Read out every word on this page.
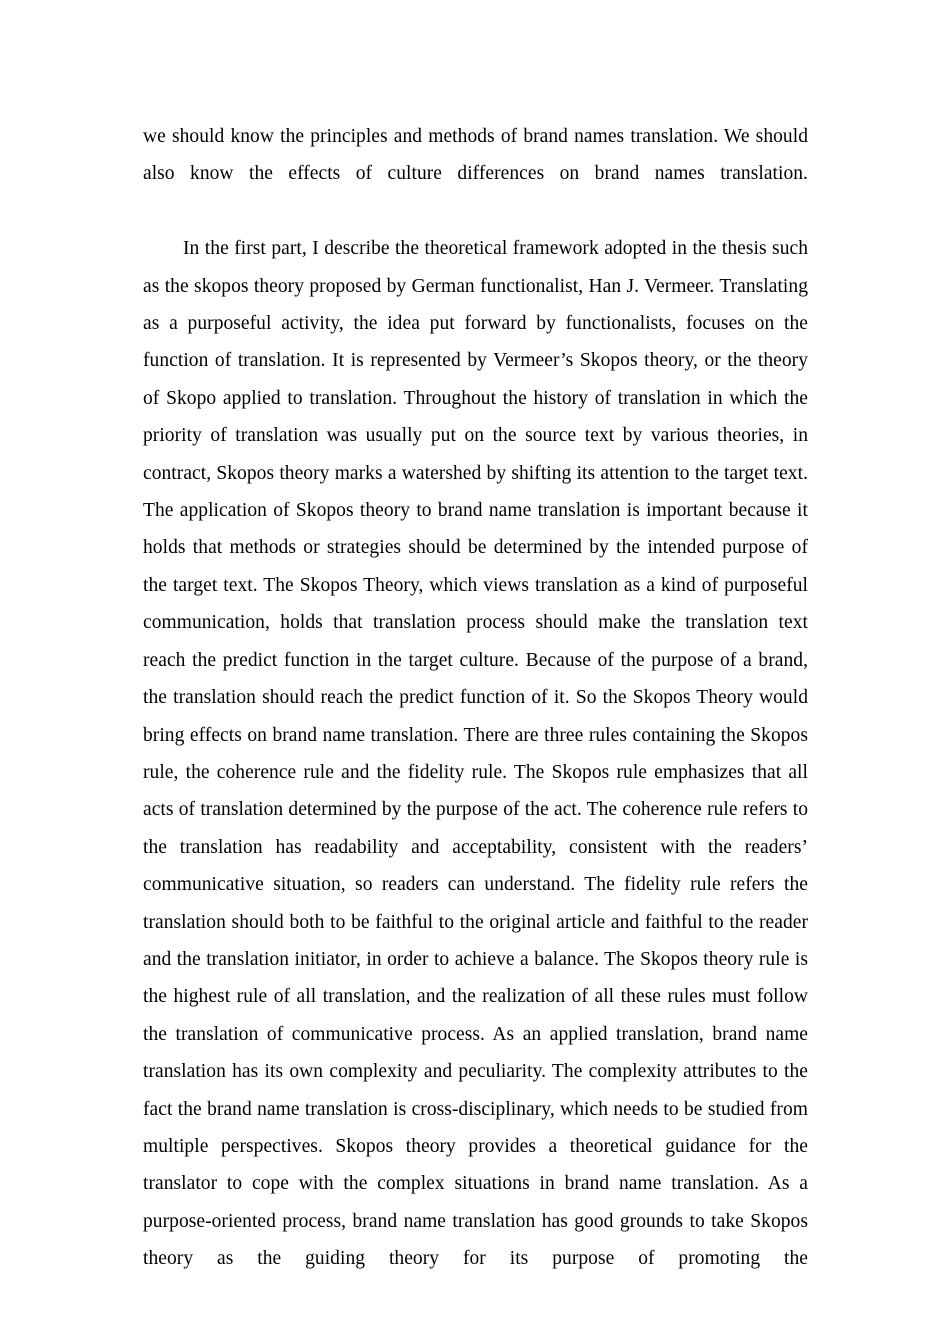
we should know the principles and methods of brand names translation. We should also know the effects of culture differences on brand names translation.

In the first part, I describe the theoretical framework adopted in the thesis such as the skopos theory proposed by German functionalist, Han J. Vermeer. Translating as a purposeful activity, the idea put forward by functionalists, focuses on the function of translation. It is represented by Vermeer’s Skopos theory, or the theory of Skopo applied to translation. Throughout the history of translation in which the priority of translation was usually put on the source text by various theories, in contract, Skopos theory marks a watershed by shifting its attention to the target text. The application of Skopos theory to brand name translation is important because it holds that methods or strategies should be determined by the intended purpose of the target text. The Skopos Theory, which views translation as a kind of purposeful communication, holds that translation process should make the translation text reach the predict function in the target culture. Because of the purpose of a brand, the translation should reach the predict function of it. So the Skopos Theory would bring effects on brand name translation. There are three rules containing the Skopos rule, the coherence rule and the fidelity rule. The Skopos rule emphasizes that all acts of translation determined by the purpose of the act. The coherence rule refers to the translation has readability and acceptability, consistent with the readers’ communicative situation, so readers can understand. The fidelity rule refers the translation should both to be faithful to the original article and faithful to the reader and the translation initiator, in order to achieve a balance. The Skopos theory rule is the highest rule of all translation, and the realization of all these rules must follow the translation of communicative process. As an applied translation, brand name translation has its own complexity and peculiarity. The complexity attributes to the fact the brand name translation is cross-disciplinary, which needs to be studied from multiple perspectives. Skopos theory provides a theoretical guidance for the translator to cope with the complex situations in brand name translation. As a purpose-oriented process, brand name translation has good grounds to take Skopos theory as the guiding theory for its purpose of promoting the
